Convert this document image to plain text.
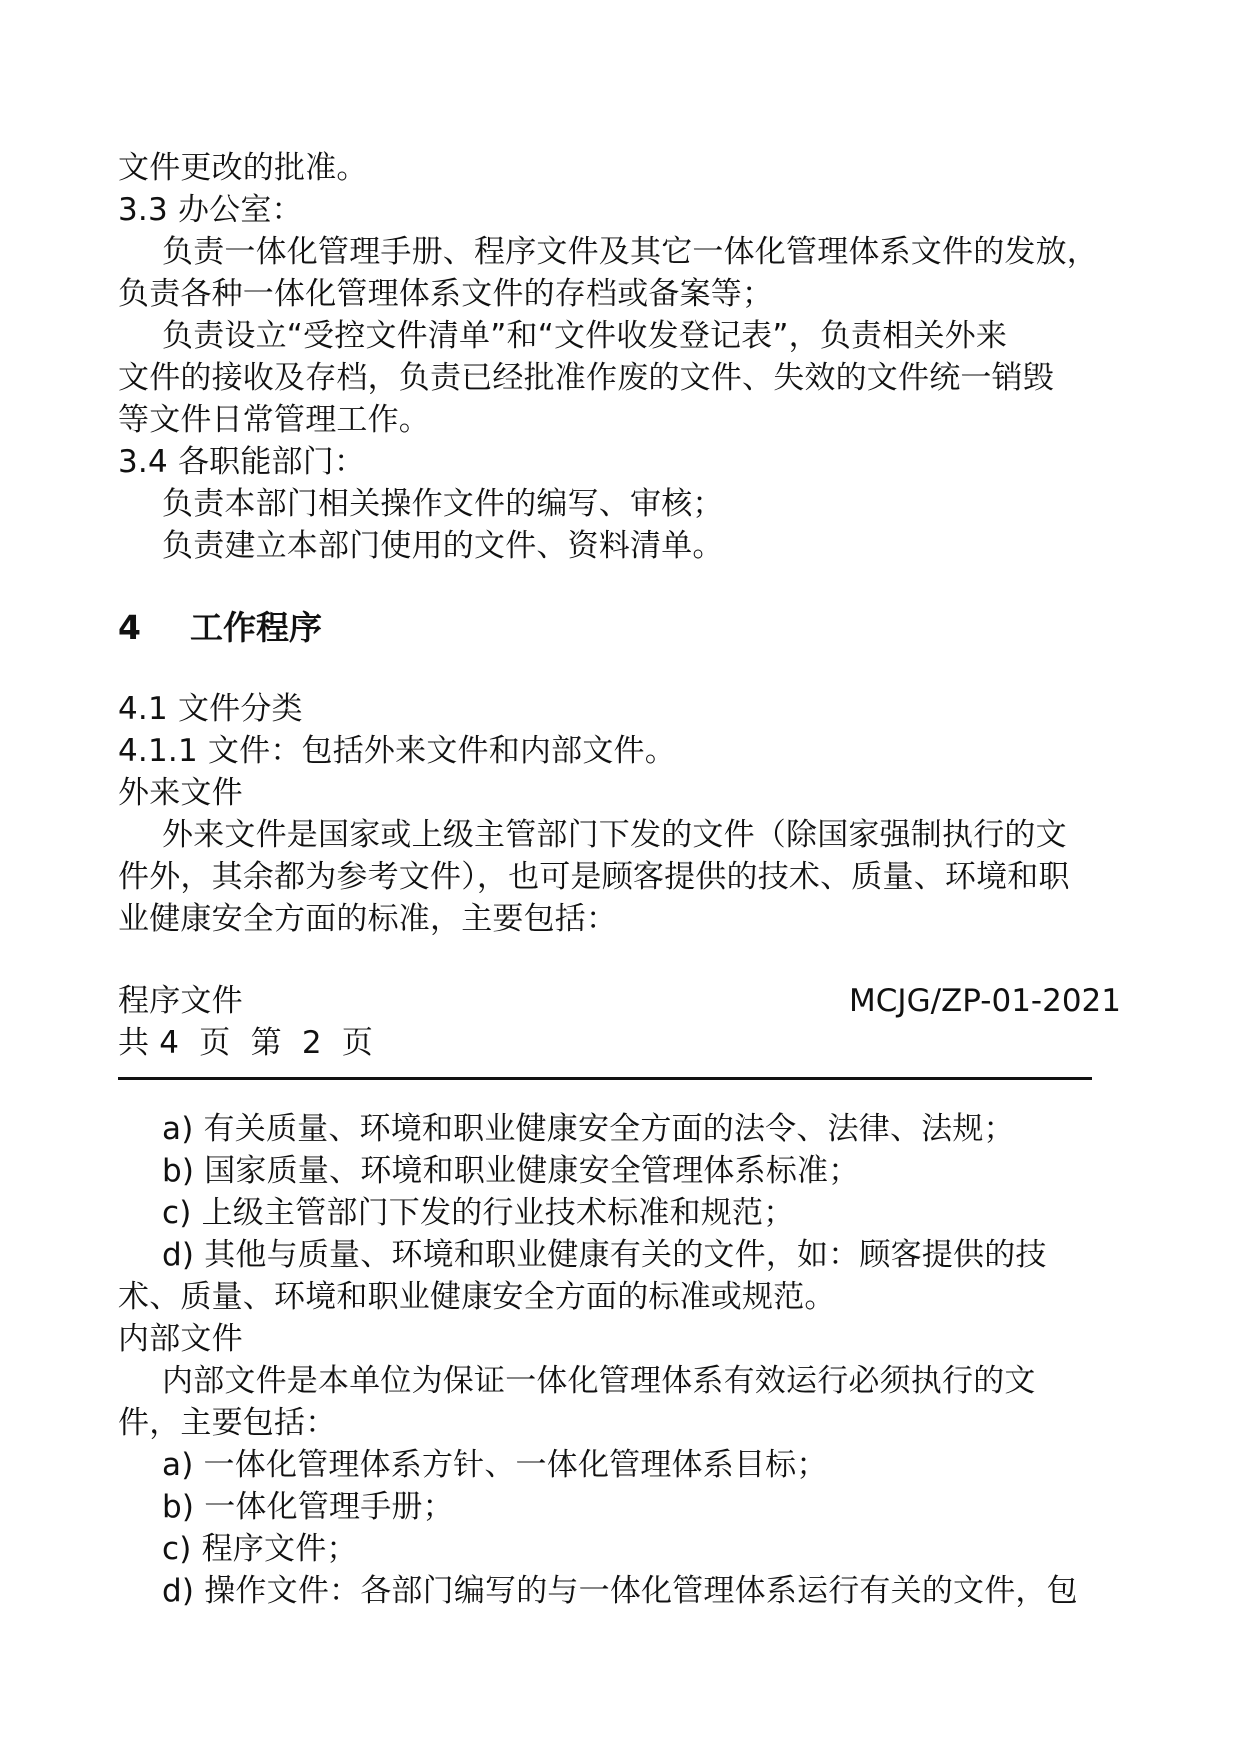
文件更改的批准。
3.3 办公室：
负责一体化管理手册、程序文件及其它一体化管理体系文件的发放，
负责各种一体化管理体系文件的存档或备案等；
负责设立“受控文件清单”和“文件收发登记表”，负责相关外来
文件的接收及存档，负责已经批准作废的文件、失效的文件统一销毁
等文件日常管理工作。
3.4 各职能部门：
负责本部门相关操作文件的编写、审核；
负责建立本部门使用的文件、资料清单。
4 工作程序
4.1 文件分类
4.1.1 文件：包括外来文件和内部文件。
外来文件
外来文件是国家或上级主管部门下发的文件（除国家强制执行的文
件外，其余都为参考文件），也可是顾客提供的技术、质量、环境和职
业健康安全方面的标准，主要包括：
程序文件	MCJG/ZP-01-2021
共 4  页  第  2  页
a) 有关质量、环境和职业健康安全方面的法令、法律、法规；
b) 国家质量、环境和职业健康安全管理体系标准；
c) 上级主管部门下发的行业技术标准和规范；
d) 其他与质量、环境和职业健康有关的文件，如：顾客提供的技
术、质量、环境和职业健康安全方面的标准或规范。
内部文件
内部文件是本单位为保证一体化管理体系有效运行必须执行的文
件，主要包括：
a) 一体化管理体系方针、一体化管理体系目标；
b) 一体化管理手册；
c) 程序文件；
d) 操作文件：各部门编写的与一体化管理体系运行有关的文件，包
